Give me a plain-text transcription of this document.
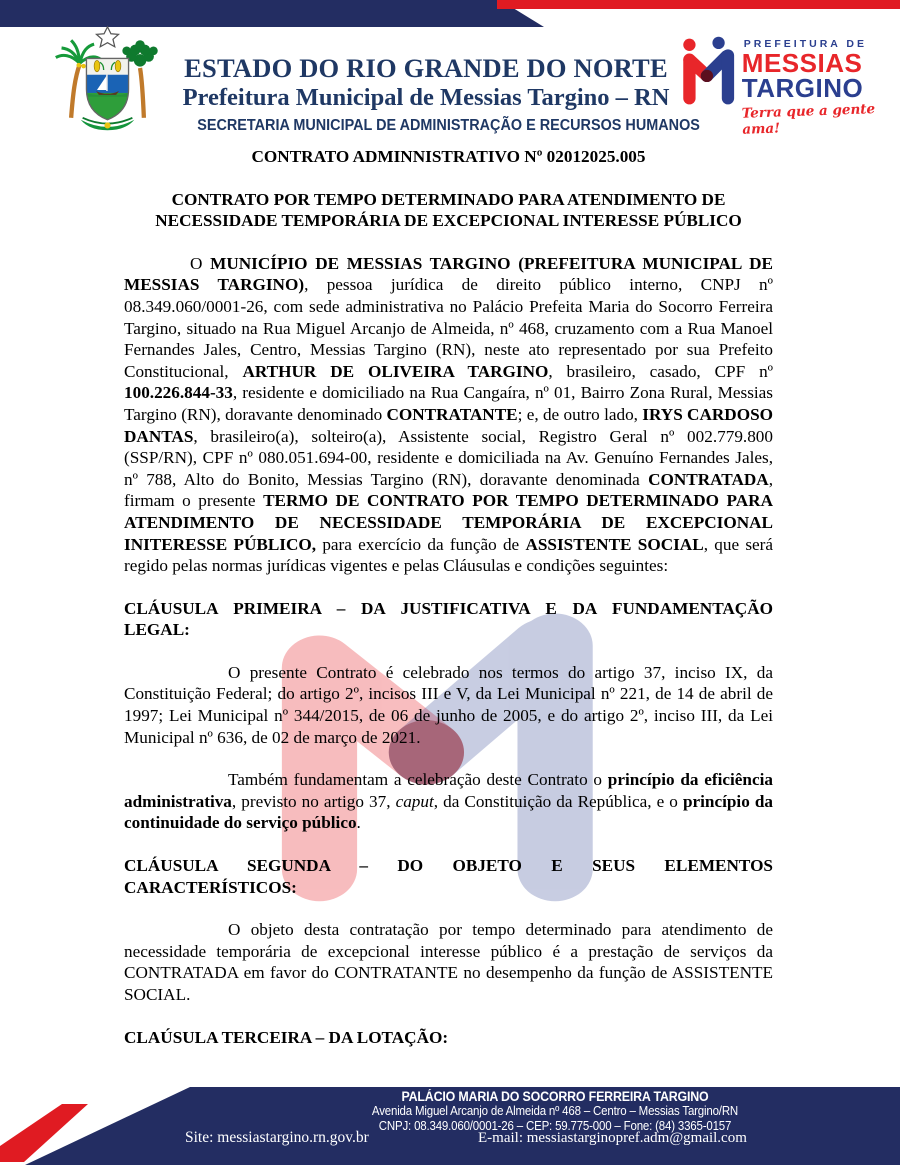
ESTADO DO RIO GRANDE DO NORTE
Prefeitura Municipal de Messias Targino – RN
SECRETARIA MUNICIPAL DE ADMINISTRAÇÃO E RECURSOS HUMANOS
PREFEITURA DE
MESSIAS
TARGINO
Terra que a gente ama!
CONTRATO ADMINNISTRATIVO Nº 02012025.005
CONTRATO POR TEMPO DETERMINADO PARA ATENDIMENTO DE
NECESSIDADE TEMPORÁRIA DE EXCEPCIONAL INTERESSE PÚBLICO

O MUNICÍPIO DE MESSIAS TARGINO (PREFEITURA MUNICIPAL DE MESSIAS TARGINO), pessoa jurídica de direito público interno, CNPJ nº 08.349.060/0001-26, com sede administrativa no Palácio Prefeita Maria do Socorro Ferreira Targino, situado na Rua Miguel Arcanjo de Almeida, nº 468, cruzamento com a Rua Manoel Fernandes Jales, Centro, Messias Targino (RN), neste ato representado por sua Prefeito Constitucional, ARTHUR DE OLIVEIRA TARGINO, brasileiro, casado, CPF nº 100.226.844-33, residente e domiciliado na Rua Cangaíra, nº 01, Bairro Zona Rural, Messias Targino (RN), doravante denominado CONTRATANTE; e, de outro lado, IRYS CARDOSO DANTAS, brasileiro(a), solteiro(a), Assistente social, Registro Geral nº 002.779.800 (SSP/RN), CPF nº 080.051.694-00, residente e domiciliada na Av. Genuíno Fernandes Jales, nº 788, Alto do Bonito, Messias Targino (RN), doravante denominada CONTRATADA, firmam o presente TERMO DE CONTRATO POR TEMPO DETERMINADO PARA ATENDIMENTO DE NECESSIDADE TEMPORÁRIA DE EXCEPCIONAL INITERESSE PÚBLICO, para exercício da função de ASSISTENTE SOCIAL, que será regido pelas normas jurídicas vigentes e pelas Cláusulas e condições seguintes:

CLÁUSULA PRIMEIRA – DA JUSTIFICATIVA E DA FUNDAMENTAÇÃO
LEGAL:

O presente Contrato é celebrado nos termos do artigo 37, inciso IX, da Constituição Federal; do artigo 2º, incisos III e V, da Lei Municipal nº 221, de 14 de abril de 1997; Lei Municipal nº 344/2015, de 06 de junho de 2005, e do artigo 2º, inciso III, da Lei Municipal nº 636, de 02 de março de 2021.

Também fundamentam a celebração deste Contrato o princípio da eficiência administrativa, previsto no artigo 37, caput, da Constituição da República, e o princípio da continuidade do serviço público.

CLÁUSULA SEGUNDA – DO OBJETO E SEUS ELEMENTOS
CARACTERÍSTICOS:

O objeto desta contratação por tempo determinado para atendimento de necessidade temporária de excepcional interesse público é a prestação de serviços da CONTRATADA em favor do CONTRATANTE no desempenho da função de ASSISTENTE SOCIAL.

CLAÚSULA TERCEIRA – DA LOTAÇÃO:
PALÁCIO MARIA DO SOCORRO FERREIRA TARGINO
Avenida Miguel Arcanjo de Almeida nº 468 – Centro – Messias Targino/RN
CNPJ: 08.349.060/0001-26 – CEP: 59.775-000 – Fone: (84) 3365-0157
Site: messiastargino.rn.gov.br	E-mail: messiastarginopref.adm@gmail.com
